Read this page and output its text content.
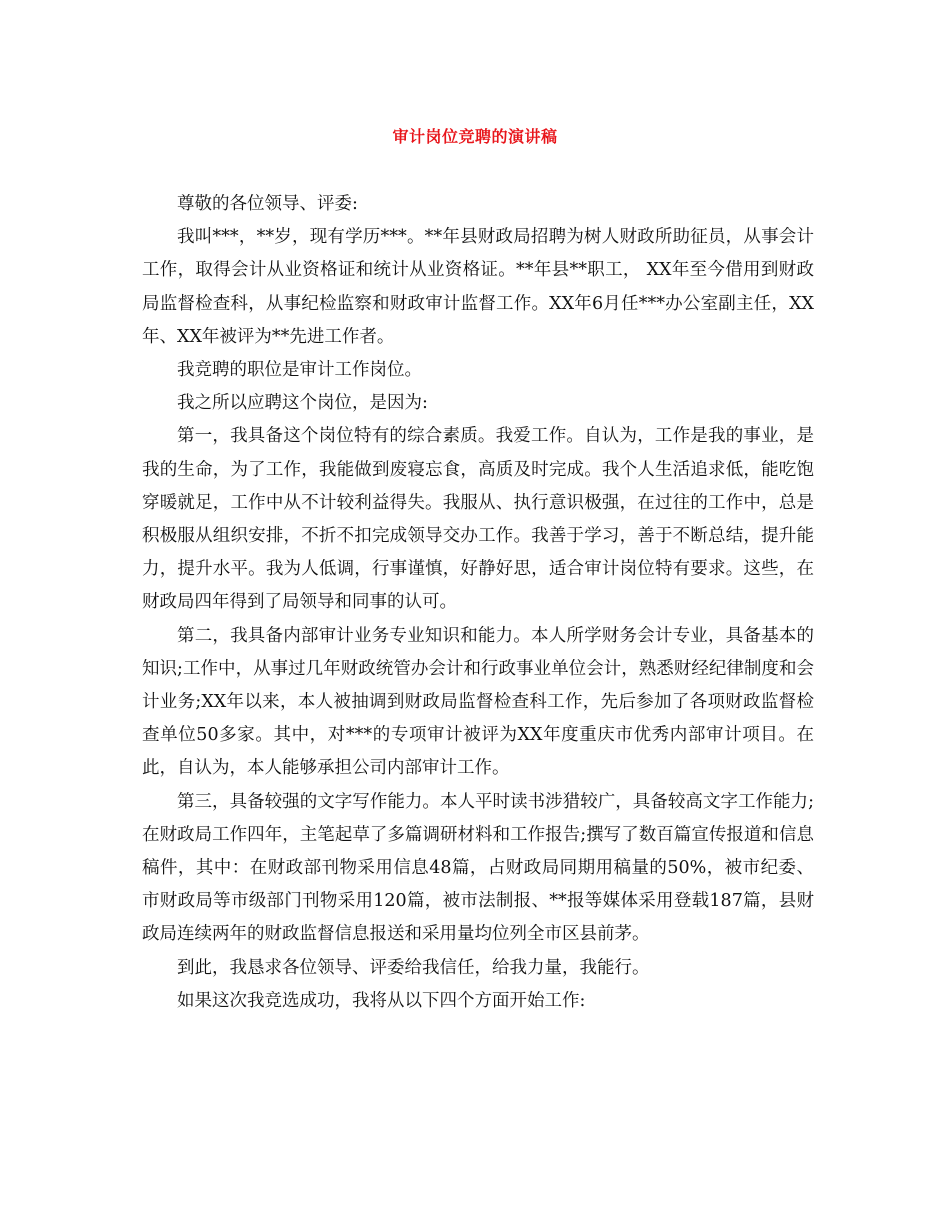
审计岗位竞聘的演讲稿

尊敬的各位领导、评委:

我叫***，**岁，现有学历***。**年县财政局招聘为树人财政所助征员，从事会计工作，取得会计从业资格证和统计从业资格证。**年县**职工， XX年至今借用到财政局监督检查科，从事纪检监察和财政审计监督工作。XX年6月任***办公室副主任，XX年、XX年被评为**先进工作者。

我竞聘的职位是审计工作岗位。

我之所以应聘这个岗位，是因为:

第一，我具备这个岗位特有的综合素质。我爱工作。自认为，工作是我的事业，是我的生命，为了工作，我能做到废寝忘食，高质及时完成。我个人生活追求低，能吃饱穿暖就足，工作中从不计较利益得失。我服从、执行意识极强，在过往的工作中，总是积极服从组织安排，不折不扣完成领导交办工作。我善于学习，善于不断总结，提升能力，提升水平。我为人低调，行事谨慎，好静好思，适合审计岗位特有要求。这些，在财政局四年得到了局领导和同事的认可。

第二，我具备内部审计业务专业知识和能力。本人所学财务会计专业，具备基本的知识;工作中，从事过几年财政统管办会计和行政事业单位会计，熟悉财经纪律制度和会计业务;XX年以来，本人被抽调到财政局监督检查科工作，先后参加了各项财政监督检查单位50多家。其中，对***的专项审计被评为XX年度重庆市优秀内部审计项目。在此，自认为，本人能够承担公司内部审计工作。

第三，具备较强的文字写作能力。本人平时读书涉猎较广，具备较高文字工作能力;在财政局工作四年，主笔起草了多篇调研材料和工作报告;撰写了数百篇宣传报道和信息稿件，其中：在财政部刊物采用信息48篇，占财政局同期用稿量的50%，被市纪委、市财政局等市级部门刊物采用120篇，被市法制报、**报等媒体采用登载187篇，县财政局连续两年的财政监督信息报送和采用量均位列全市区县前茅。

到此，我恳求各位领导、评委给我信任，给我力量，我能行。

如果这次我竞选成功，我将从以下四个方面开始工作:
